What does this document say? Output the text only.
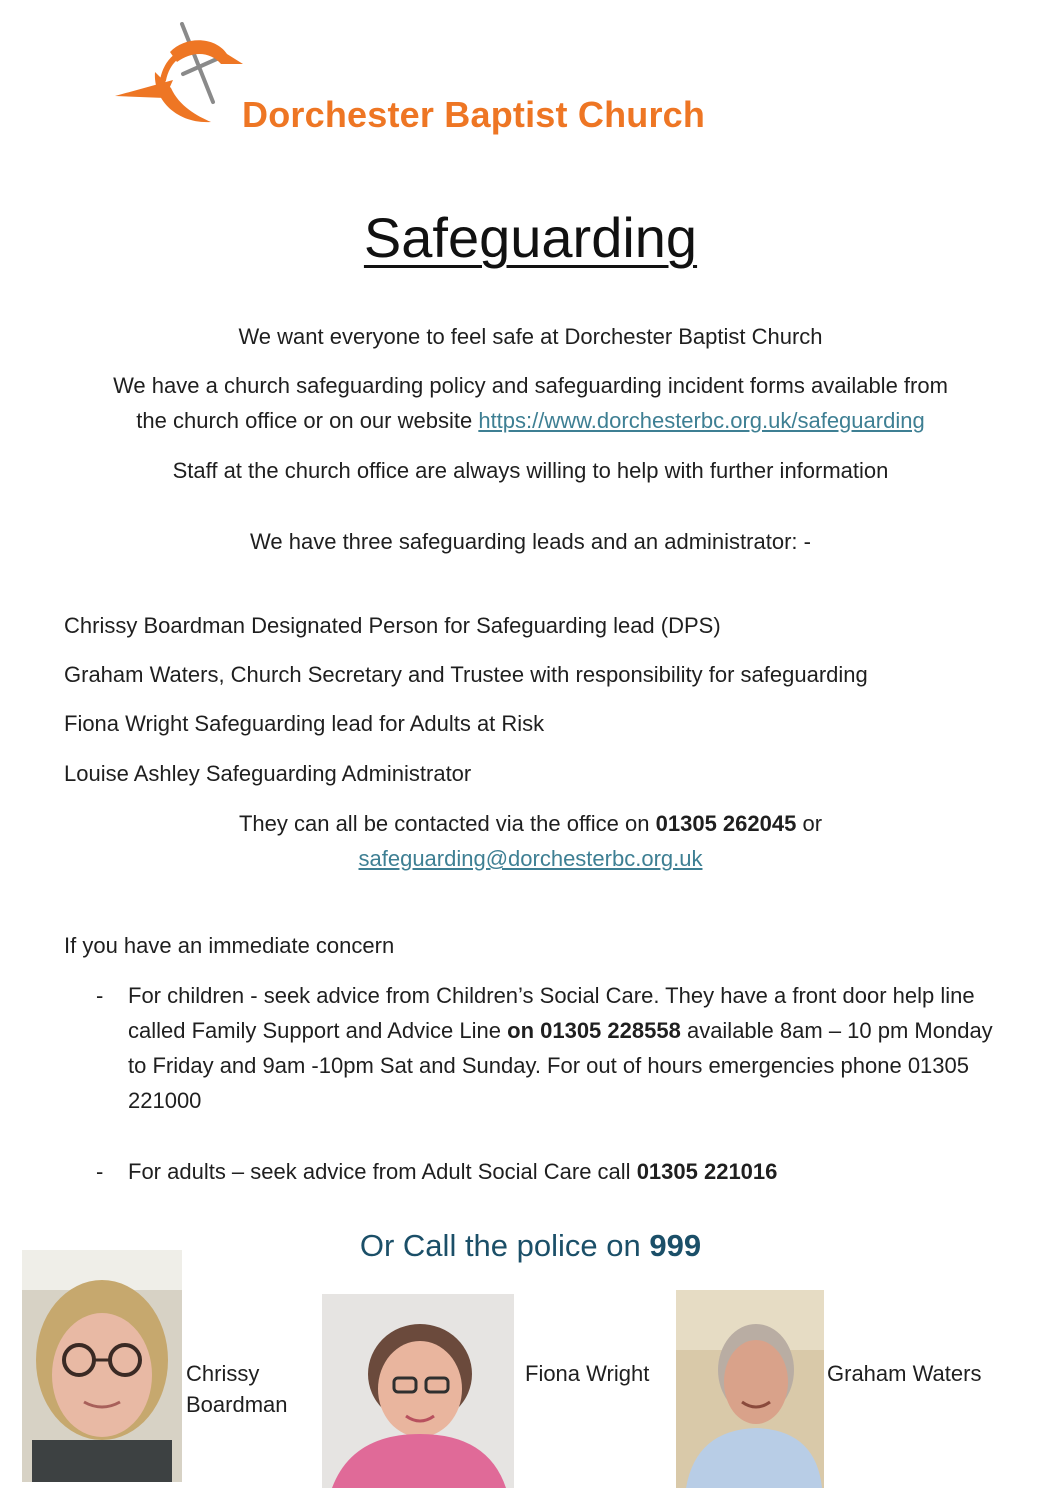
Dorchester Baptist Church
Safeguarding
We want everyone to feel safe at Dorchester Baptist Church
We have a church safeguarding policy and safeguarding incident forms available from
the church office or on our website https://www.dorchesterbc.org.uk/safeguarding
Staff at the church office are always willing to help with further information
We have three safeguarding leads and an administrator: -
Chrissy Boardman Designated Person for Safeguarding lead (DPS)
Graham Waters, Church Secretary and Trustee with responsibility for safeguarding
Fiona Wright Safeguarding lead for Adults at Risk
Louise Ashley Safeguarding Administrator
They can all be contacted via the office on 01305 262045 or
safeguarding@dorchesterbc.org.uk
If you have an immediate concern
- For children - seek advice from Children’s Social Care. They have a front door help line called Family Support and Advice Line on 01305 228558 available 8am – 10 pm Monday to Friday and 9am -10pm Sat and Sunday. For out of hours emergencies phone 01305 221000
- For adults – seek advice from Adult Social Care call 01305 221016
Or Call the police on 999
Chrissy
Boardman
Fiona Wright	Graham Waters
